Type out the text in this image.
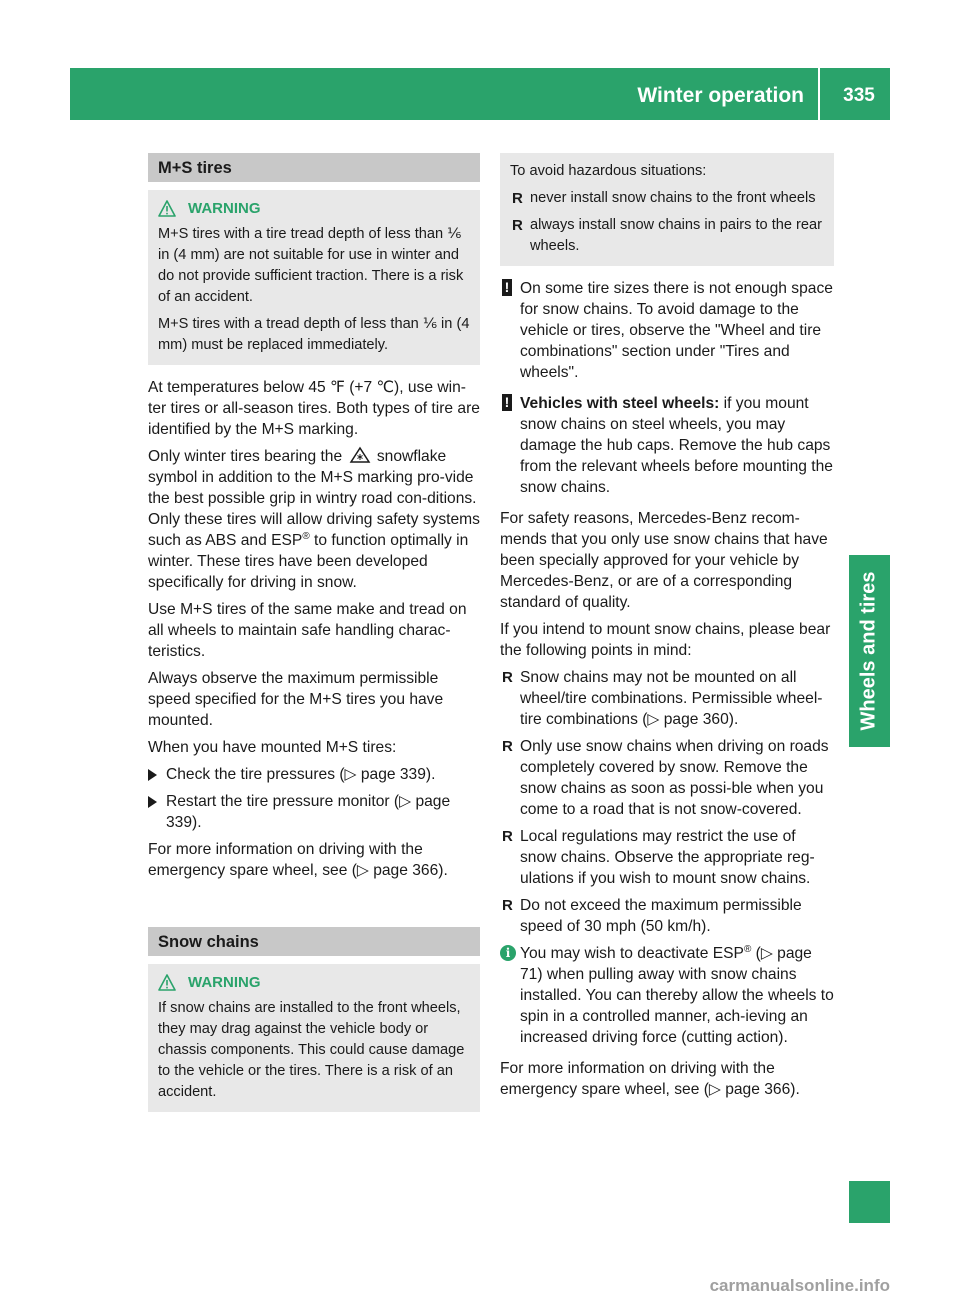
Winter operation	335
Wheels and tires
M+S tires
WARNING

M+S tires with a tire tread depth of less than ⅙ in (4 mm) are not suitable for use in winter and do not provide sufficient traction. There is a risk of an accident.

M+S tires with a tread depth of less than ⅙ in (4 mm) must be replaced immediately.

At temperatures below 45 ℉ (+7 ℃), use win‐ter tires or all-season tires. Both types of tire are identified by the M+S marking.

Only winter tires bearing the snowflake symbol in addition to the M+S marking pro‐vide the best possible grip in wintry road con‐ditions. Only these tires will allow driving safety systems such as ABS and ESP® to function optimally in winter. These tires have been developed specifically for driving in snow.

Use M+S tires of the same make and tread on all wheels to maintain safe handling charac‐teristics.

Always observe the maximum permissible speed specified for the M+S tires you have mounted.

When you have mounted M+S tires:

Check the tire pressures (▷ page 339).
Restart the tire pressure monitor (▷ page 339).

For more information on driving with the emergency spare wheel, see (▷ page 366).

Snow chains
WARNING

If snow chains are installed to the front wheels, they may drag against the vehicle body or chassis components. This could cause damage to the vehicle or the tires. There is a risk of an accident.

To avoid hazardous situations:

R never install snow chains to the front wheels
R always install snow chains in pairs to the rear wheels.
! On some tire sizes there is not enough space for snow chains. To avoid damage to the vehicle or tires, observe the "Wheel and tire combinations" section under "Tires and wheels".
! Vehicles with steel wheels: if you mount snow chains on steel wheels, you may damage the hub caps. Remove the hub caps from the relevant wheels before mounting the snow chains.

For safety reasons, Mercedes-Benz recom‐mends that you only use snow chains that have been specially approved for your vehicle by Mercedes-Benz, or are of a corresponding standard of quality.

If you intend to mount snow chains, please bear the following points in mind:

R Snow chains may not be mounted on all wheel/tire combinations. Permissible wheel-tire combinations (▷ page 360).
R Only use snow chains when driving on roads completely covered by snow. Remove the snow chains as soon as possi‐ble when you come to a road that is not snow-covered.
R Local regulations may restrict the use of snow chains. Observe the appropriate reg‐ulations if you wish to mount snow chains.
R Do not exceed the maximum permissible speed of 30 mph (50 km/h).
i You may wish to deactivate ESP® (▷ page 71) when pulling away with snow chains installed. You can thereby allow the wheels to spin in a controlled manner, ach‐ieving an increased driving force (cutting action).

For more information on driving with the emergency spare wheel, see (▷ page 366).

carmanualsonline.info
